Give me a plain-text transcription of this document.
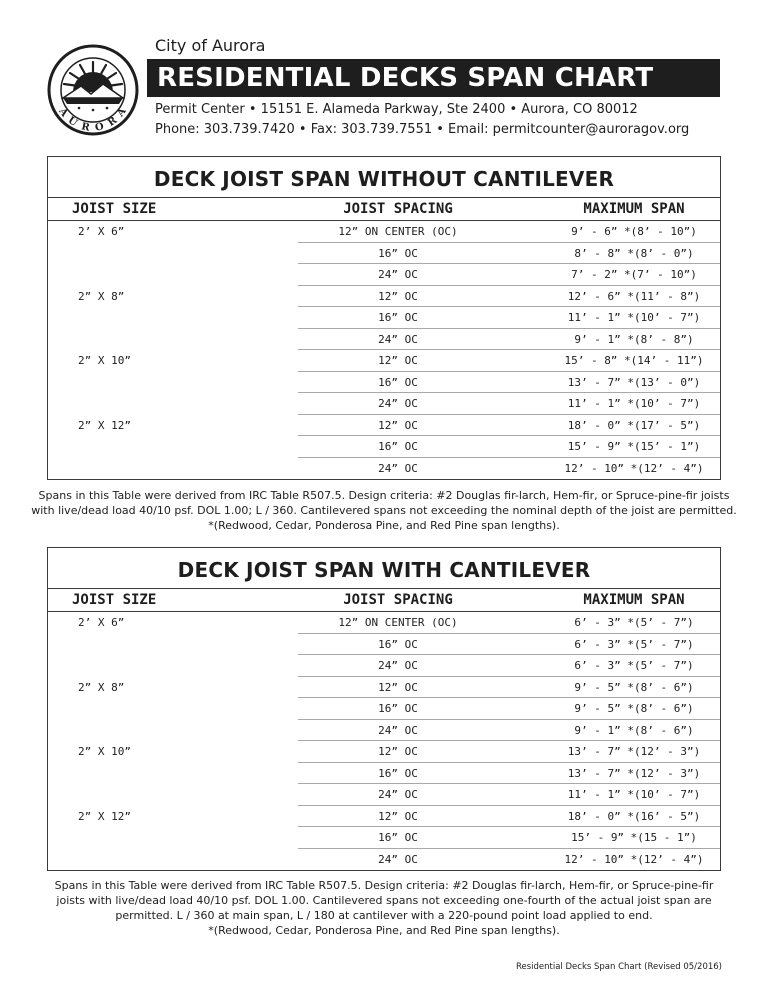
A
U R O R
A
City of Aurora
RESIDENTIAL DECKS SPAN CHART
Permit Center • 15151 E. Alameda Parkway, Ste 2400 • Aurora, CO 80012
Phone: 303.739.7420 • Fax: 303.739.7551 • Email: permitcounter@auroragov.org
DECK JOIST SPAN WITHOUT CANTILEVER
JOIST SIZE	JOIST SPACING	MAXIMUM SPAN
2’ X 6”	12” ON CENTER (OC)	9’ - 6” *(8’ - 10”)
16” OC	8’ - 8” *(8’ - 0”)
24” OC	7’ - 2” *(7’ - 10”)
2” X 8”	12” OC	12’ - 6” *(11’ - 8”)
16” OC	11’ - 1” *(10’ - 7”)
24” OC	9’ - 1” *(8’ - 8”)
2” X 10”	12” OC	15’ - 8” *(14’ - 11”)
16” OC	13’ - 7” *(13’ - 0”)
24” OC	11’ - 1” *(10’ - 7”)
2” X 12”	12” OC	18’ - 0” *(17’ - 5”)
16” OC	15’ - 9” *(15’ - 1”)
24” OC	12’ - 10” *(12’ - 4”)
Spans in this Table were derived from IRC Table R507.5. Design criteria: #2 Douglas fir-larch, Hem-fir, or Spruce-pine-fir joists with live/dead load 40/10 psf. DOL 1.00; L / 360. Cantilevered spans not exceeding the nominal depth of the joist are permitted. *(Redwood, Cedar, Ponderosa Pine, and Red Pine span lengths).
DECK JOIST SPAN WITH CANTILEVER
JOIST SIZE	JOIST SPACING	MAXIMUM SPAN
2’ X 6”	12” ON CENTER (OC)	6’ - 3” *(5’ - 7”)
16” OC	6’ - 3” *(5’ - 7”)
24” OC	6’ - 3” *(5’ - 7”)
2” X 8”	12” OC	9’ - 5” *(8’ - 6”)
16” OC	9’ - 5” *(8’ - 6”)
24” OC	9’ - 1” *(8’ - 6”)
2” X 10”	12” OC	13’ - 7” *(12’ - 3”)
16” OC	13’ - 7” *(12’ - 3”)
24” OC	11’ - 1” *(10’ - 7”)
2” X 12”	12” OC	18’ - 0” *(16’ - 5”)
16” OC	15’ - 9” *(15 - 1”)
24” OC	12’ - 10” *(12’ - 4”)
Spans in this Table were derived from IRC Table R507.5. Design criteria: #2 Douglas fir-larch, Hem-fir, or Spruce-pine-fir
joists with live/dead load 40/10 psf. DOL 1.00. Cantilevered spans not exceeding one-fourth of the actual joist span are
permitted. L / 360 at main span, L / 180 at cantilever with a 220-pound point load applied to end.
*(Redwood, Cedar, Ponderosa Pine, and Red Pine span lengths).
Residential Decks Span Chart (Revised 05/2016)
